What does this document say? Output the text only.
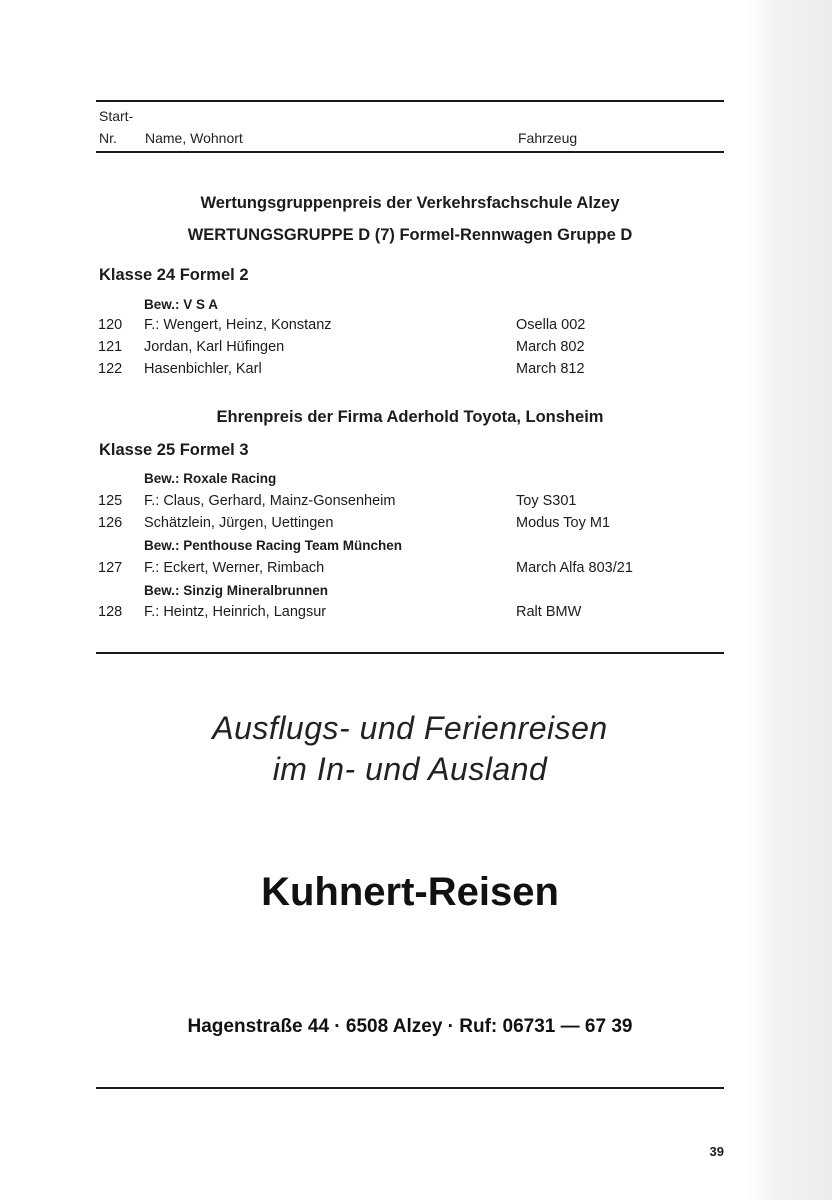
Start-
Nr. Name, Wohnort	Fahrzeug
Wertungsgruppenpreis der Verkehrsfachschule Alzey
WERTUNGSGRUPPE D (7) Formel-Rennwagen Gruppe D
Klasse 24 Formel 2
Bew.: V S A
120 F.: Wengert, Heinz, Konstanz	Osella 002
121 Jordan, Karl Hüfingen	March 802
122 Hasenbichler, Karl	March 812
Ehrenpreis der Firma Aderhold Toyota, Lonsheim
Klasse 25 Formel 3
Bew.: Roxale Racing
125 F.: Claus, Gerhard, Mainz-Gonsenheim	Toy S301
126 Schätzlein, Jürgen, Uettingen	Modus Toy M1
Bew.: Penthouse Racing Team München
127 F.: Eckert, Werner, Rimbach	March Alfa 803/21
Bew.: Sinzig Mineralbrunnen
128 F.: Heintz, Heinrich, Langsur	Ralt BMW
Ausflugs- und Ferienreisen
im In- und Ausland
Kuhnert-Reisen
Hagenstraße 44 · 6508 Alzey · Ruf: 06731 — 67 39
39
